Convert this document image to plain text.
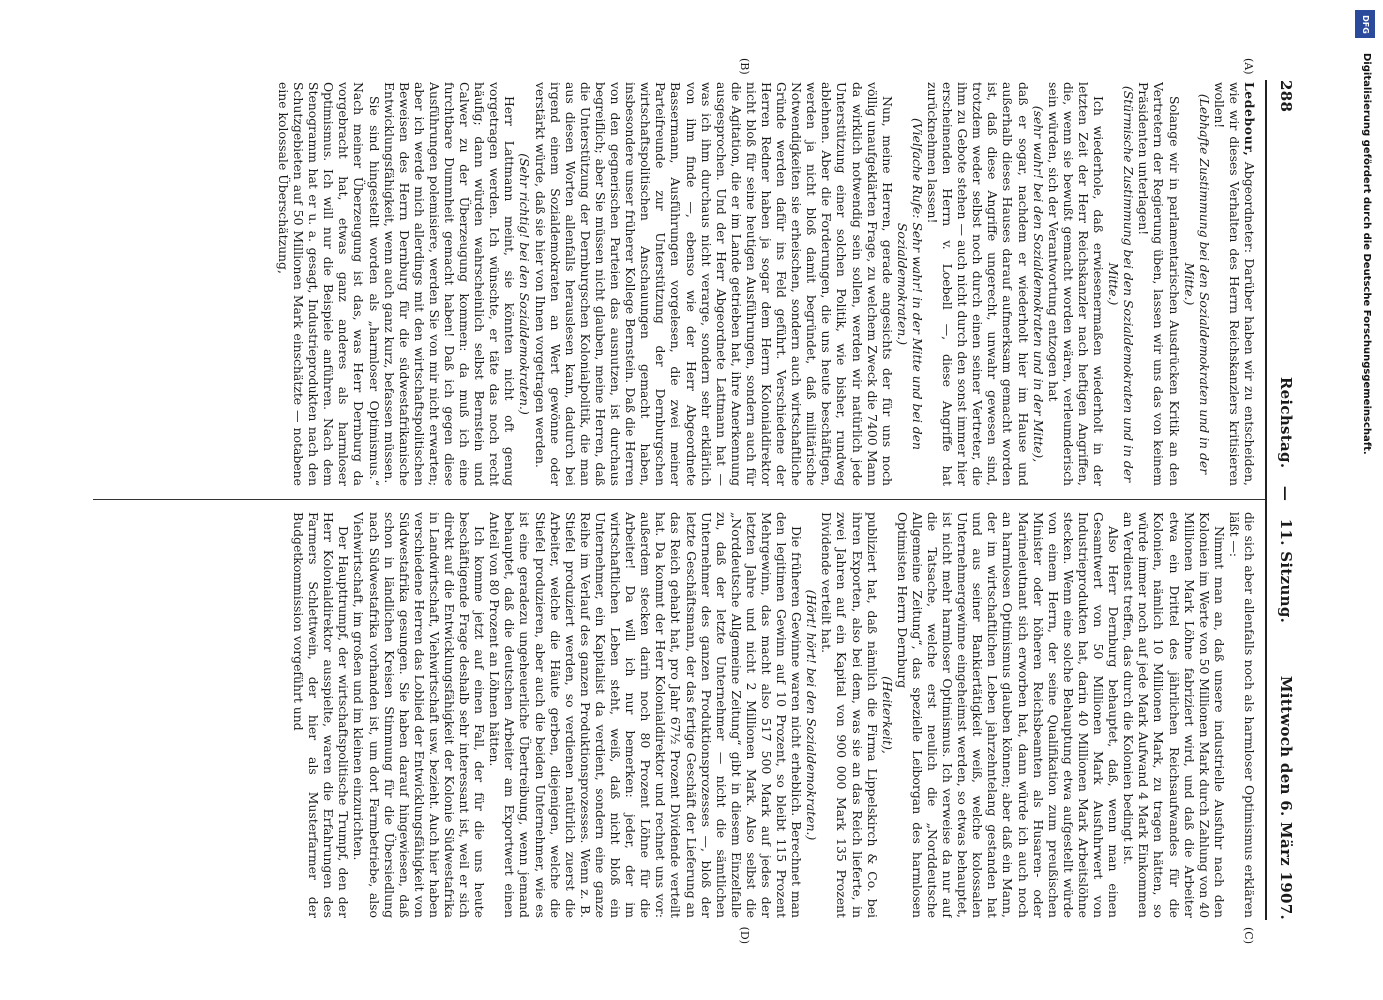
288
Reichstag. — 11. Sitzung.
Mittwoch den 6. März 1907.
(A)
(B)
(C)
(D)

Ledebour, Abgeordneter: Darüber haben wir zu entscheiden, wie wir dieses Verhalten des Herrn Reichskanzlers kritisieren wollen!

(Lebhafte Zustimmung bei den Sozialdemokraten und in der Mitte.)

Solange wir in parlamentarischen Ausdrücken Kritik an den Vertretern der Regierung üben, lassen wir uns das von keinem Präsidenten unterlagen!

(Stürmische Zustimmung bei den Sozialdemokraten und in der Mitte.)

Ich wiederhole, daß erwiesenermaßen wiederholt in der letzten Zeit der Herr Reichskanzler nach heftigen Angriffen, die, wenn sie bewußt gemacht worden wären, verleumderisch sein würden, sich der Verantwortung entzogen hat

(sehr wahr! bei den Sozialdemokraten und in der Mitte),

daß er sogar, nachdem er wiederholt hier im Hause und außerhalb dieses Hauses darauf aufmerksam gemacht worden ist, daß diese Angriffe ungerecht, unwahr gewesen sind, trotzdem weder selbst noch durch einen seiner Vertreter, die ihm zu Gebote stehen — auch nicht durch den sonst immer hier erscheinenden Herrn v. Loebell —, diese Angriffe hat zurücknehmen lassen!

(Vielfache Rufe: Sehr wahr! in der Mitte und bei den Sozialdemokraten.)

Nun, meine Herren, gerade angesichts der für uns noch völlig unaufgeklärten Frage, zu welchem Zweck die 7400 Mann da wirklich notwendig sein sollen, werden wir natürlich jede Unterstützung einer solchen Politik, wie bisher, rundweg ablehnen. Aber die Forderungen, die uns heute beschäftigen, werden ja nicht bloß damit begründet, daß militärische Notwendigkeiten sie erheischen, sondern auch wirtschaftliche Gründe werden dafür ins Feld geführt. Verschiedene der Herren Redner haben ja sogar dem Herrn Kolonialdirektor nicht bloß für seine heutigen Ausführungen, sondern auch für die Agitation, die er im Lande getrieben hat, ihre Anerkennung ausgesprochen. Und der Herr Abgeordnete Lattmann hat — was ich ihm durchaus nicht verarge, sondern sehr erklärlich von ihm finde —, ebenso wie der Herr Abgeordnete Bassermann, Ausführungen vorgelesen, die zwei meiner Parteifreunde zur Unterstützung der Dernburgschen wirtschaftspolitischen Anschauungen gemacht haben, insbesondere unser früherer Kollege Bernstein. Daß die Herren von den gegnerischen Parteien das ausnutzen, ist durchaus begreiflich; aber Sie müssen nicht glauben, meine Herren, daß die Unterstützung der Dernburgschen Kolonialpolitik, die man aus diesen Worten allenfalls herauslesen kann, dadurch bei irgend einem Sozialdemokraten an Wert gewönne oder verstärkt würde, daß sie hier von Ihnen vorgetragen werden.

(Sehr richtig! bei den Sozialdemokraten.)

Herr Lattmann meint, sie könnten nicht oft genug vorgetragen werden. Ich wünschte, er täte das noch recht häufig; dann würden wahrscheinlich selbst Bernstein und Calwer zu der Überzeugung kommen: da muß ich eine furchtbare Dummheit gemacht haben! Daß ich gegen diese Ausführungen polemisiere, werden Sie von mir nicht erwarten; aber ich werde mich allerdings mit den wirtschaftspolitischen Beweisen des Herrn Dernburg für die südwestafrikanische Entwicklungsfähigkeit, wenn auch ganz kurz, befassen müssen.

Sie sind hingestellt worden als „harmloser Optimismus.“ Nach meiner Überzeugung ist das, was Herr Dernburg da vorgebracht hat, etwas ganz anderes als harmloser Optimismus. Ich will nur die Beispiele anführen. Nach dem Stenogramm hat er u. a. gesagt, Industrieprodukten nach den Schutzgebieten auf 50 Millionen Mark einschätzte — notabene eine kolossale Überschätzung,

die sich aber allenfalls noch als harmloser Optimismus erklären läßt —:

Nimmt man an, daß unsere industrielle Ausfuhr nach den Kolonien im Werte von 50 Millionen Mark durch Zahlung von 40 Millionen Mark Löhne fabriziert wird, und daß die Arbeiter etwa ein Drittel des jährlichen Reichsaufwandes für die Kolonien, nämlich 10 Millionen Mark, zu tragen hätten, so würde immer noch auf jede Mark Aufwand 4 Mark Einkommen an Verdienst treffen, das durch die Kolonien bedingt ist.

Also Herr Dernburg behauptet, daß, wenn man einen Gesamtwert von 50 Millionen Mark Ausfuhrwert von Industrieprodukten hat, darin 40 Millionen Mark Arbeitslöhne stecken. Wenn eine solche Behauptung etwa aufgestellt würde von einem Herrn, der seine Qualifikation zum preußischen Minister oder höheren Reichsbeamten als Husaren- oder Marineleutnant sich erworben hat, dann würde ich auch noch an harmlosen Optimismus glauben können; aber daß ein Mann, der im wirtschaftlichen Leben jahrzehntelang gestanden hat und aus seiner Bankiertätigkeit weiß, welche kolossalen Unternehmergewinne eingeheimst werden, so etwas behauptet, ist nicht mehr harmloser Optimismus. Ich verweise da nur auf die Tatsache, welche erst neulich die „Norddeutsche Allgemeine Zeitung“, das spezielle Leiborgan des harmlosen Optimisten Herrn Dernburg

(Heiterkeit),

publiziert hat, daß nämlich die Firma Lippelskirch & Co. bei ihren Exporten, also bei dem, was sie an das Reich lieferte, in zwei Jahren auf ein Kapital von 900 000 Mark 135 Prozent Dividende verteilt hat.

(Hört! hört! bei den Sozialdemokraten.)

Die früheren Gewinne waren nicht erheblich. Berechnet man den legitimen Gewinn auf 10 Prozent, so bleibt 115 Prozent Mehrgewinn, das macht also 517 500 Mark auf jedes der letzten Jahre und nicht 2 Millionen Mark. Also selbst die „Norddeutsche Allgemeine Zeitung“ gibt in diesem Einzelfalle zu, daß der letzte Unternehmer — nicht die sämtlichen Unternehmer des ganzen Produktionsprozesses —, bloß der letzte Geschäftsmann, der das fertige Geschäft der Lieferung an das Reich gehabt hat, pro Jahr 67½ Prozent Dividende verteilt hat. Da kommt der Herr Kolonialdirektor und rechnet uns vor: außerdem stecken darin noch 80 Prozent Löhne für die Arbeiter! Da will ich nur bemerken: jeder, der im wirtschaftlichen Leben steht, weiß, daß nicht bloß ein Unternehmer, ein Kapitalist da verdient, sondern eine ganze Reihe im Verlauf des ganzen Produktionsprozesses. Wenn z. B. Stiefel produziert werden, so verdienen natürlich zuerst die Arbeiter, welche die Häute gerben, diejenigen, welche die Stiefel produzieren, aber auch die beiden Unternehmer, wie es ist eine geradezu ungeheuerliche Übertreibung, wenn jemand behauptet, daß die deutschen Arbeiter am Exportwert einen Anteil von 80 Prozent an Löhnen hätten.

Ich komme jetzt auf einen Fall, der für die uns heute beschäftigende Frage deshalb sehr interessant ist, weil er sich direkt auf die Entwicklungsfähigkeit der Kolonie Südwestafrika in Landwirtschaft, Viehwirtschaft usw. bezieht. Auch hier haben verschiedene Herren das Loblied der Entwicklungsfähigkeit von Südwestafrika gesungen. Sie haben darauf hingewiesen, daß schon in ländlichen Kreisen Stimmung für die Übersiedlung nach Südwestafrika vorhanden ist, um dort Farmbetriebe, also Viehwirtschaft, im großen und im kleinen einzurichten.

Der Haupttrumpf, der wirtschaftspolitische Trumpf, den der Herr Kolonialdirektor ausspielte, waren die Erfahrungen des Farmers Schlettwein, der hier als Musterfarmer der Budgetkommission vorgeführt und

DFG
Digitalisierung gefördert durch die Deutsche Forschungsgemeinschaft.
